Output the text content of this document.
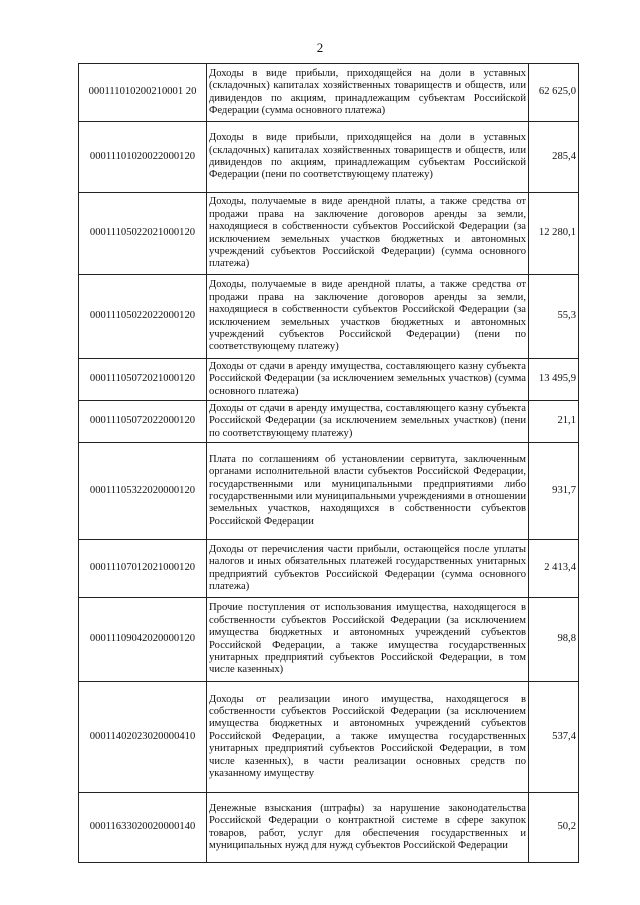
2
000111010200210001 20	Доходы в виде прибыли, приходящейся на доли в уставных (складочных) капиталах хозяйственных товариществ и обществ, или дивидендов по акциям, принадлежащим субъектам Российской Федерации (сумма основного платежа)	62 625,0
00011101020022000120	Доходы в виде прибыли, приходящейся на доли в уставных (складочных) капиталах хозяйственных товариществ и обществ, или дивидендов по акциям, принадлежащим субъектам Российской Федерации (пени по соответствующему платежу)	285,4
00011105022021000120	Доходы, получаемые в виде арендной платы, а также средства от продажи права на заключение договоров аренды за земли, находящиеся в собственности субъектов Российской Федерации (за исключением земельных участков бюджетных и автономных учреждений субъектов Российской Федерации) (сумма основного платежа)	12 280,1
00011105022022000120	Доходы, получаемые в виде арендной платы, а также средства от продажи права на заключение договоров аренды за земли, находящиеся в собственности субъектов Российской Федерации (за исключением земельных участков бюджетных и автономных учреждений субъектов Российской Федерации) (пени по соответствующему платежу)	55,3
00011105072021000120	Доходы от сдачи в аренду имущества, составляющего казну субъекта Российской Федерации (за исключением земельных участков) (сумма основного платежа)	13 495,9
00011105072022000120	Доходы от сдачи в аренду имущества, составляющего казну субъекта Российской Федерации (за исключением земельных участков) (пени по соответствующему платежу)	21,1
00011105322020000120	Плата по соглашениям об установлении сервитута, заключенным органами исполнительной власти субъектов Российской Федерации, государственными или муниципальными предприятиями либо государственными или муниципальными учреждениями в отношении земельных участков, находящихся в собственности субъектов Российской Федерации	931,7
00011107012021000120	Доходы от перечисления части прибыли, остающейся после уплаты налогов и иных обязательных платежей государственных унитарных предприятий субъектов Российской Федерации (сумма основного платежа)	2 413,4
00011109042020000120	Прочие поступления от использования имущества, находящегося в собственности субъектов Российской Федерации (за исключением имущества бюджетных и автономных учреждений субъектов Российской Федерации, а также имущества государственных унитарных предприятий субъектов Российской Федерации, в том числе казенных)	98,8
00011402023020000410	Доходы от реализации иного имущества, находящегося в собственности субъектов Российской Федерации (за исключением имущества бюджетных и автономных учреждений субъектов Российской Федерации, а также имущества государственных унитарных предприятий субъектов Российской Федерации, в том числе казенных), в части реализации основных средств по указанному имуществу	537,4
00011633020020000140	Денежные взыскания (штрафы) за нарушение законодательства Российской Федерации о контрактной системе в сфере закупок товаров, работ, услуг для обеспечения государственных и муниципальных нужд для нужд субъектов Российской Федерации	50,2
